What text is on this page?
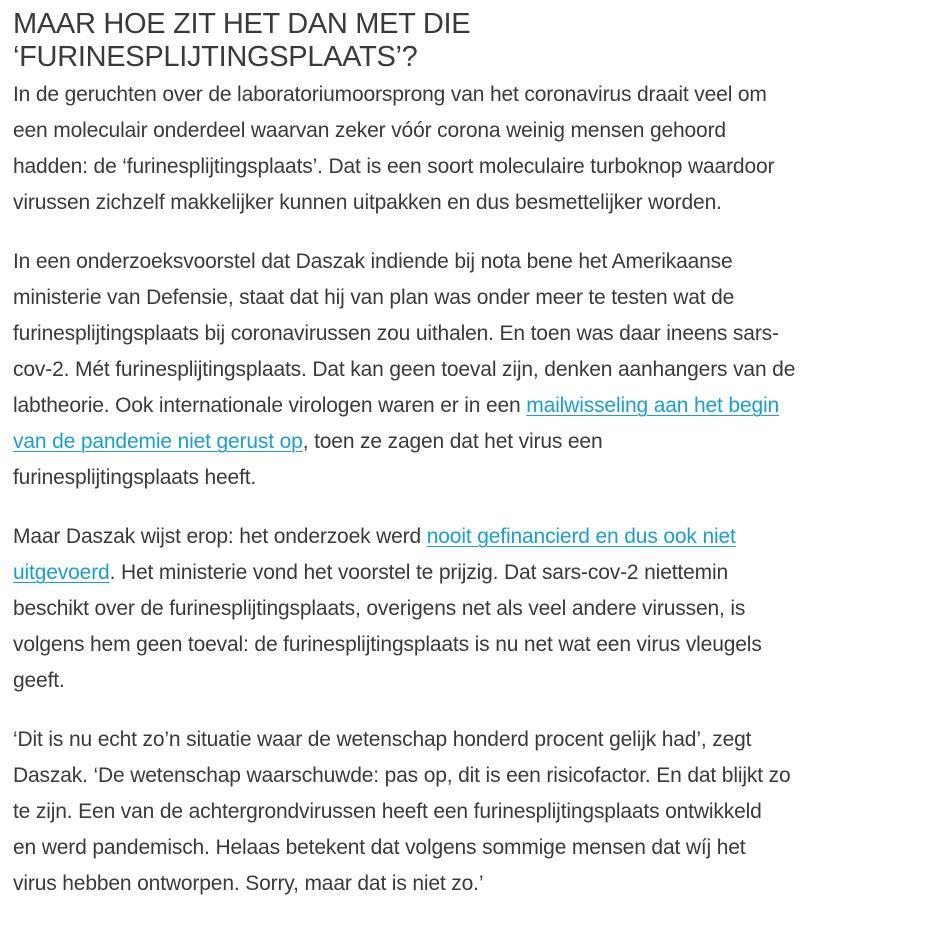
MAAR HOE ZIT HET DAN MET DIE
‘FURINESPLIJTINGSPLAATS’?

In de geruchten over de laboratoriumoorsprong van het coronavirus draait veel om
een moleculair onderdeel waarvan zeker vóór corona weinig mensen gehoord
hadden: de ‘furinesplijtingsplaats’. Dat is een soort moleculaire turboknop waardoor
virussen zichzelf makkelijker kunnen uitpakken en dus besmettelijker worden.

In een onderzoeksvoorstel dat Daszak indiende bij nota bene het Amerikaanse
ministerie van Defensie, staat dat hij van plan was onder meer te testen wat de
furinesplijtingsplaats bij coronavirussen zou uithalen. En toen was daar ineens sars-
cov-2. Mét furinesplijtingsplaats. Dat kan geen toeval zijn, denken aanhangers van de
labtheorie. Ook internationale virologen waren er in een mailwisseling aan het begin
van de pandemie niet gerust op, toen ze zagen dat het virus een
furinesplijtingsplaats heeft.

Maar Daszak wijst erop: het onderzoek werd nooit gefinancierd en dus ook niet
uitgevoerd. Het ministerie vond het voorstel te prijzig. Dat sars-cov-2 niettemin
beschikt over de furinesplijtingsplaats, overigens net als veel andere virussen, is
volgens hem geen toeval: de furinesplijtingsplaats is nu net wat een virus vleugels
geeft.

‘Dit is nu echt zo’n situatie waar de wetenschap honderd procent gelijk had’, zegt
Daszak. ‘De wetenschap waarschuwde: pas op, dit is een risicofactor. En dat blijkt zo
te zijn. Een van de achtergrondvirussen heeft een furinesplijtingsplaats ontwikkeld
en werd pandemisch. Helaas betekent dat volgens sommige mensen dat wíj het
virus hebben ontworpen. Sorry, maar dat is niet zo.’
